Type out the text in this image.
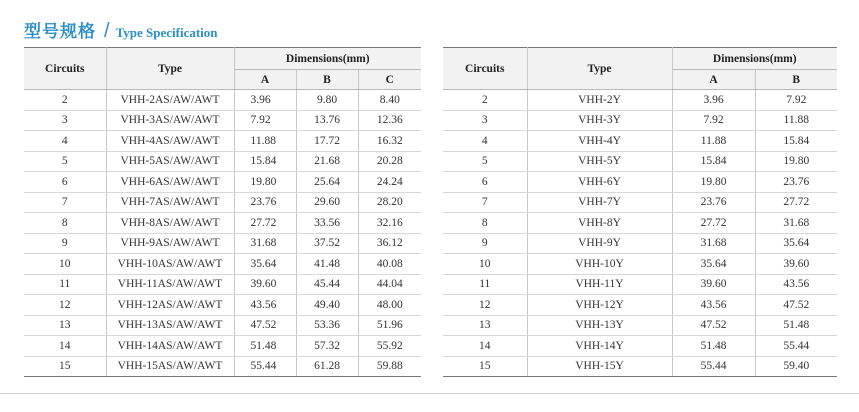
型号规格 / Type Specification
Circuits	Type	Dimensions(mm)		
		A	B	C
2	VHH-2AS/AW/AWT	3.96	9.80	8.40
3	VHH-3AS/AW/AWT	7.92	13.76	12.36
4	VHH-4AS/AW/AWT	11.88	17.72	16.32
5	VHH-5AS/AW/AWT	15.84	21.68	20.28
6	VHH-6AS/AW/AWT	19.80	25.64	24.24
7	VHH-7AS/AW/AWT	23.76	29.60	28.20
8	VHH-8AS/AW/AWT	27.72	33.56	32.16
9	VHH-9AS/AW/AWT	31.68	37.52	36.12
10	VHH-10AS/AW/AWT	35.64	41.48	40.08
11	VHH-11AS/AW/AWT	39.60	45.44	44.04
12	VHH-12AS/AW/AWT	43.56	49.40	48.00
13	VHH-13AS/AW/AWT	47.52	53.36	51.96
14	VHH-14AS/AW/AWT	51.48	57.32	55.92
15	VHH-15AS/AW/AWT	55.44	61.28	59.88
Circuits	Type	Dimensions(mm)	
		A	B
2	VHH-2Y	3.96	7.92
3	VHH-3Y	7.92	11.88
4	VHH-4Y	11.88	15.84
5	VHH-5Y	15.84	19.80
6	VHH-6Y	19.80	23.76
7	VHH-7Y	23.76	27.72
8	VHH-8Y	27.72	31.68
9	VHH-9Y	31.68	35.64
10	VHH-10Y	35.64	39.60
11	VHH-11Y	39.60	43.56
12	VHH-12Y	43.56	47.52
13	VHH-13Y	47.52	51.48
14	VHH-14Y	51.48	55.44
15	VHH-15Y	55.44	59.40
